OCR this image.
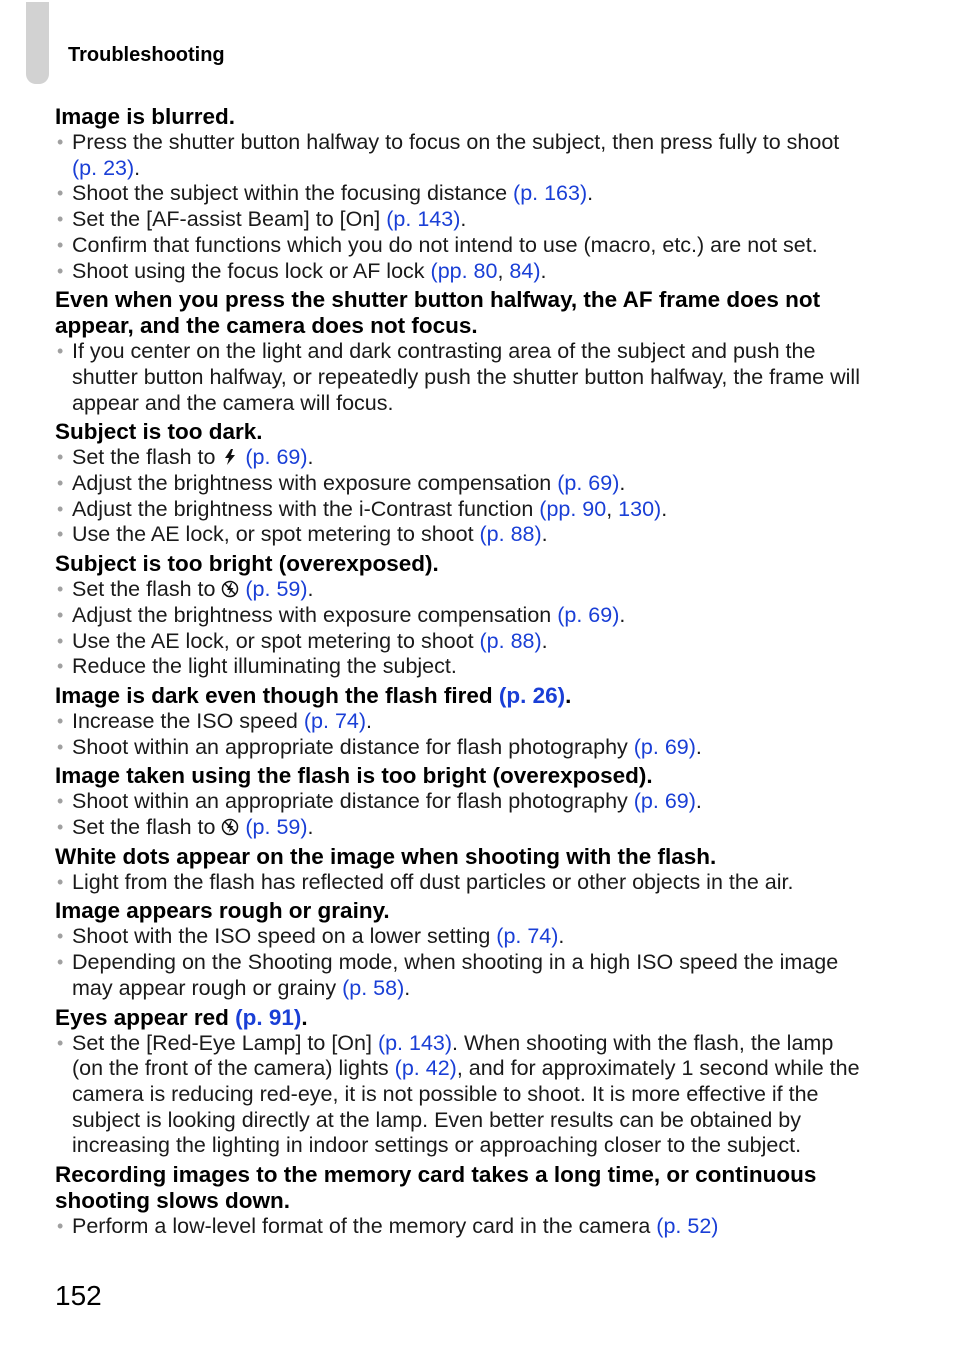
Troubleshooting
Image is blurred.
• Press the shutter button halfway to focus on the subject, then press fully to shoot (p. 23).
• Shoot the subject within the focusing distance (p. 163).
• Set the [AF-assist Beam] to [On] (p. 143).
• Confirm that functions which you do not intend to use (macro, etc.) are not set.
• Shoot using the focus lock or AF lock (pp. 80, 84).
Even when you press the shutter button halfway, the AF frame does not appear, and the camera does not focus.
• If you center on the light and dark contrasting area of the subject and push the shutter button halfway, or repeatedly push the shutter button halfway, the frame will appear and the camera will focus.
Subject is too dark.
• Set the flash to
(p. 69).
• Adjust the brightness with exposure compensation (p. 69).
• Adjust the brightness with the i-Contrast function (pp. 90, 130).
• Use the AE lock, or spot metering to shoot (p. 88).
Subject is too bright (overexposed).
• Set the flash to
(p. 59).
• Adjust the brightness with exposure compensation (p. 69).
• Use the AE lock, or spot metering to shoot (p. 88).
• Reduce the light illuminating the subject.
Image is dark even though the flash fired (p. 26).
• Increase the ISO speed (p. 74).
• Shoot within an appropriate distance for flash photography (p. 69).
Image taken using the flash is too bright (overexposed).
• Shoot within an appropriate distance for flash photography (p. 69).
• Set the flash to
(p. 59).
White dots appear on the image when shooting with the flash.
• Light from the flash has reflected off dust particles or other objects in the air.
Image appears rough or grainy.
• Shoot with the ISO speed on a lower setting (p. 74).
• Depending on the Shooting mode, when shooting in a high ISO speed the image may appear rough or grainy (p. 58).
Eyes appear red (p. 91).
• Set the [Red-Eye Lamp] to [On] (p. 143). When shooting with the flash, the lamp (on the front of the camera) lights (p. 42), and for approximately 1 second while the camera is reducing red-eye, it is not possible to shoot. It is more effective if the subject is looking directly at the lamp. Even better results can be obtained by increasing the lighting in indoor settings or approaching closer to the subject.
Recording images to the memory card takes a long time, or continuous shooting slows down.
• Perform a low-level format of the memory card in the camera (p. 52)
152
